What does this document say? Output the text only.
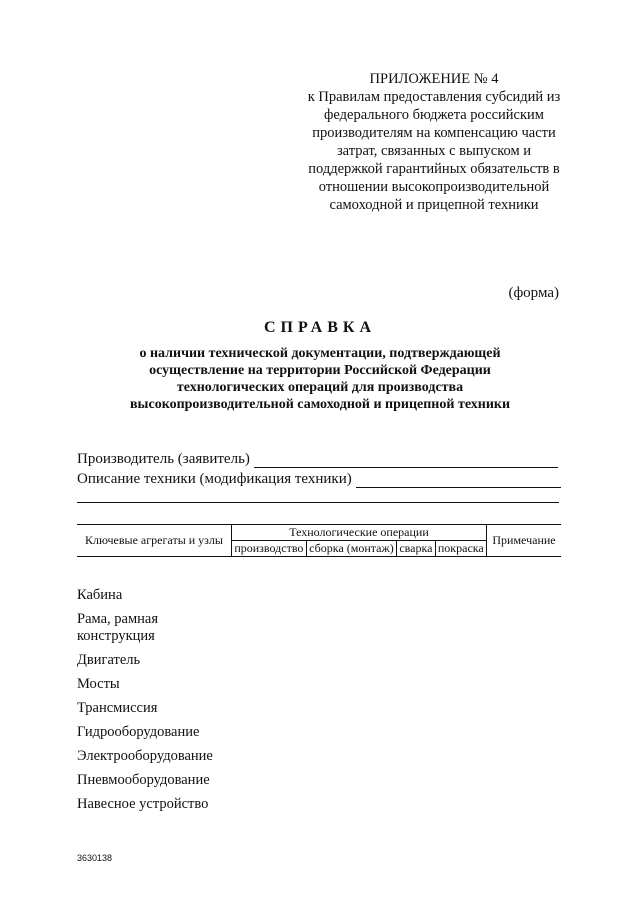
ПРИЛОЖЕНИЕ № 4
к Правилам предоставления субсидий из федерального бюджета российским производителям на компенсацию части затрат, связанных с выпуском и поддержкой гарантийных обязательств в отношении высокопроизводительной самоходной и прицепной техники
(форма)
СПРАВКА
о наличии технической документации, подтверждающей осуществление на территории Российской Федерации технологических операций для производства высокопроизводительной самоходной и прицепной техники
Производитель (заявитель)
Описание техники (модификация техники)
Ключевые агрегаты и узлы	Технологические операции				Примечание
	производство	сборка (монтаж)	сварка	покраска	
Кабина
Рама, рамная конструкция
Двигатель
Мосты
Трансмиссия
Гидрооборудование
Электрооборудование
Пневмооборудование
Навесное устройство
3630138
